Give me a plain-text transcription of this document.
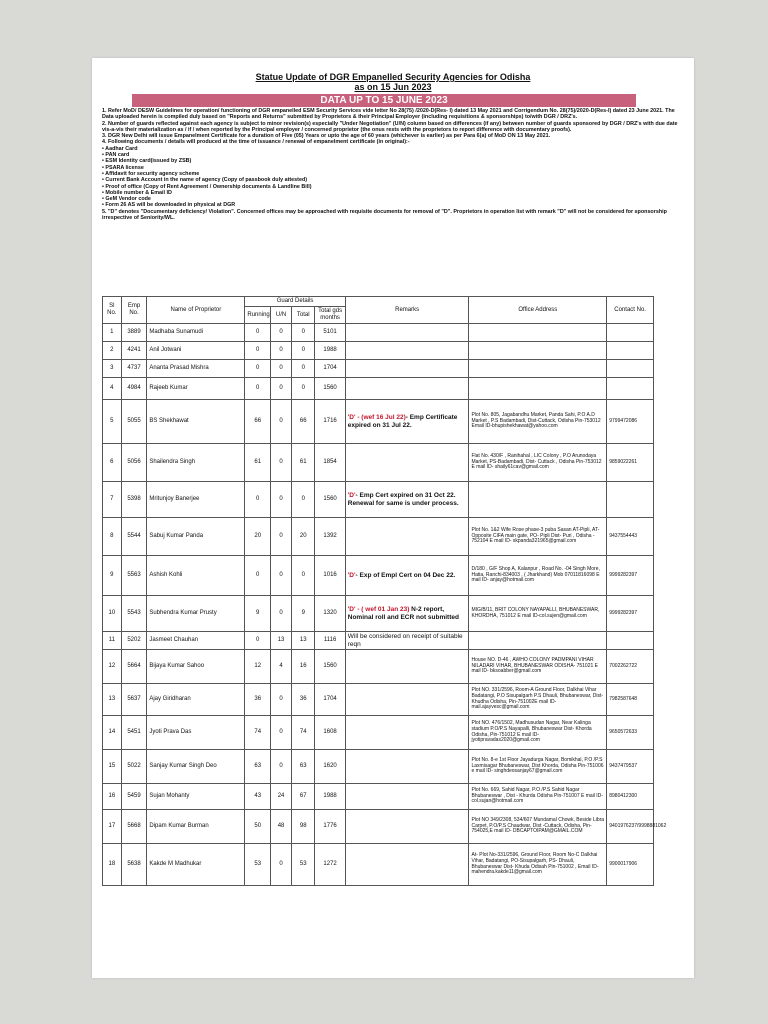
Statue Update of DGR Empanelled Security Agencies for Odisha
as on 15 Jun 2023
DATA UP TO 15 JUNE 2023

1. Refer MoD/ DESW Guidelines for operation/ functioning of DGR empanelled ESM Security Services vide letter No 28(75) /2020-D(Res- I) dated 13 May 2021 and Corrigendum No. 28(75)/2020-D(Res-I) dated 23 June 2021. The Data uploaded herein is compiled duly based on "Reports and Returns" submitted by Proprietors & their Principal Employer (including requisitions & sponsorships) to/with DGR / DRZ's.

2. Number of guards reflected against each agency is subject to minor revision(s) especially "Under Negotiation" (U/N) column based on differences (if any) between number of guards sponsored by DGR / DRZ's with due date vis-a-vis their materialization as / if / when reported by the Principal employer / concerned proprietor (the onus rests with the proprietors to report difference with documentary proofs).

3. DGR New Delhi will issue Empanelment Certificate for a duration of Five (05) Years or upto the age of 60 years (whichever is earlier) as per Para 6(a) of MoD ON 13 May 2021.

4. Following documents / details will produced at the time of issuance / renewal of empanelment certificate (in original):-

• Aadhar Card

• PAN card

• ESM Identity card(issued by ZSB)

• PSARA license

• Affidavit for security agency scheme

• Current Bank Account in the name of agency (Copy of passbook duly attested)

• Proof of office (Copy of Rent Agreement / Ownership documents & Landline Bill)

• Mobile number & Email ID

• GeM Vendor code

• Form 26 AS will be downloaded in physical at DGR

5. "D" denotes "Documentary deficiency/ Violation". Concerned offices may be approached with requisite documents for removal of "D". Proprietors in operation list with remark "D" will not be considered for sponsorship irrespective of Seniority/WL.

Sl No.	Emp No.	Name of Proprietor	Guard Details				Remarks	Office Address	Contact No.
			Running	U/N	Total	Total gds months			
1	3889	Madhaba Sunamudi	0	0	0	5101			
2	4241	Anil Jotwani	0	0	0	1988			
3	4737	Ananta Prasad Mishra	0	0	0	1704			
4	4984	Rajeeb Kumar	0	0	0	1560			
5	5055	BS Shekhawat	66	0	66	1716	'D' - (wef 16 Jul 22)- Emp Certificate expired on 31 Jul 22.	Plot No. 805, Jagabandhu Market, Panda Sahi, P.O A.D Market , P.S Badambadi, Dist-Cuttack, Odisha Pin-753012 Email ID-bhupishekhawat@yahoo.com	9799472086
6	5056	Shailendra Singh	61	0	61	1854		Flat No. 430/F , Ranihahal , LIC Colony , P.O Arunodaya Market, PS-Badambadi, Dist- Cuttack , Odisha Pin-753012 E mail ID- shaily61cav@gmail.com	9859022261
7	5398	Mritunjoy Banerjee	0	0	0	1560	'D'- Emp Cert expired on 31 Oct 22. Renewal for same is under process.		
8	5544	Sabuj Kumar Panda	20	0	20	1392		Plot No. 1&2 Wife Rose phase-3 puba Sasan AT-Pipli, AT- Opposite CIFA main gate, PO- Pipli Dist- Puri , Odisha - 752104 E mail ID- skpanda321965@gmail.com	9437554443
9	5563	Ashish Kohli	0	0	0	1016	'D'- Exp of Empl Cert on 04 Dec 22.	D/180 , G/F Shop A, Kalanpur , Road No. -04 Singh More, Hatia, Ranchi-834003 , ( Jharkhand) Mob 07011816098 E mail ID- anjay@hotmail.com	9999282397
10	5543	Subhendra Kumar Prusty	9	0	9	1320	'D' - ( wef 01 Jan 23) N-2 report, Nominal roll and ECR not submitted	MIG/B/11, BRIT COLONY NAYAPALLI, BHUBANESWAR, KHORDHA, 751012 E mail ID-col.sujen@gmail.com	9999282397
11	5202	Jasmeet Chauhan	0	13	13	1116	Will be considered on receipt of suitable reqn		
12	5664	Bijaya Kumar Sahoo	12	4	16	1560		House NO. D-46 , AWHO COLONY PADMPANI VIHAR NILADARI VIHAR, BHUBANESWAR ODISHA- 751021 E mail ID- bksoabber@gmail.com	7002262722
13	5637	Ajay Giridharan	36	0	36	1704		Plot NO. 331/2596, Room-A Ground Floor, Dalkhai Vihar Badatangi, P.O Sisupalgarh P.S Dhauli, Bhubaneswar, Dist- Khudha Odisha, Pin-751002E mail ID- mail.ajayvesc@gmail.com	7982587648
14	5451	Jyoti Prava Das	74	0	74	1608		Plot NO. 476/1502, Madhusudan Nagar, Near Kalinga stadium P.O/P.S Nayapalli, Bhubaneswar Dist- Khorda Odisha, Pin-751012 E mail ID- jyotipravadas2020@gmail.com	9650572633
15	5022	Sanjay Kumar Singh Deo	63	0	63	1620		Plot No. 8-e 1st Floor Jayadurga Nagar, Bomikhal, P.O /P.S Laxmisagar Bhubaneswar, Dist Khorda, Odisha Pin-751006 e mail ID- singhdeosanjay67@gmail.com	9437479537
16	5459	Sujan Mohanty	43	24	67	1988		Plot No. 669, Sahid Nagar, P.O /P.S Sahid Nagar Bhubaneswar , Dist - Khurda Odisha Pin-751007 E mail ID- col.sujan@hotmail.com	8980412300
17	5668	Dipam Kumar Burman	50	48	98	1776		Plot NO 349/2308, 534/607 Mundamal Chowk, Beside Libra Carpet, P.O/P.S Chaudwar, Dist -Cuttack, Odisha, Pin-754025,E mail ID- DBCAPTOIPAM@GMAIL.COM	9401976237/9998881062
18	5638	Kakde M Madhukar	53	0	53	1272		At- Plot No-331/2596, Ground Floor, Room No-C Dalkhai Vihar, Badatangi, PO-Sisupalgarh, PS- Dhauli, Bhubaneswar Dist- Khuda Odisah Pin-751002 , Email ID- mahendra.kakde11@gmail.com	9900017906
